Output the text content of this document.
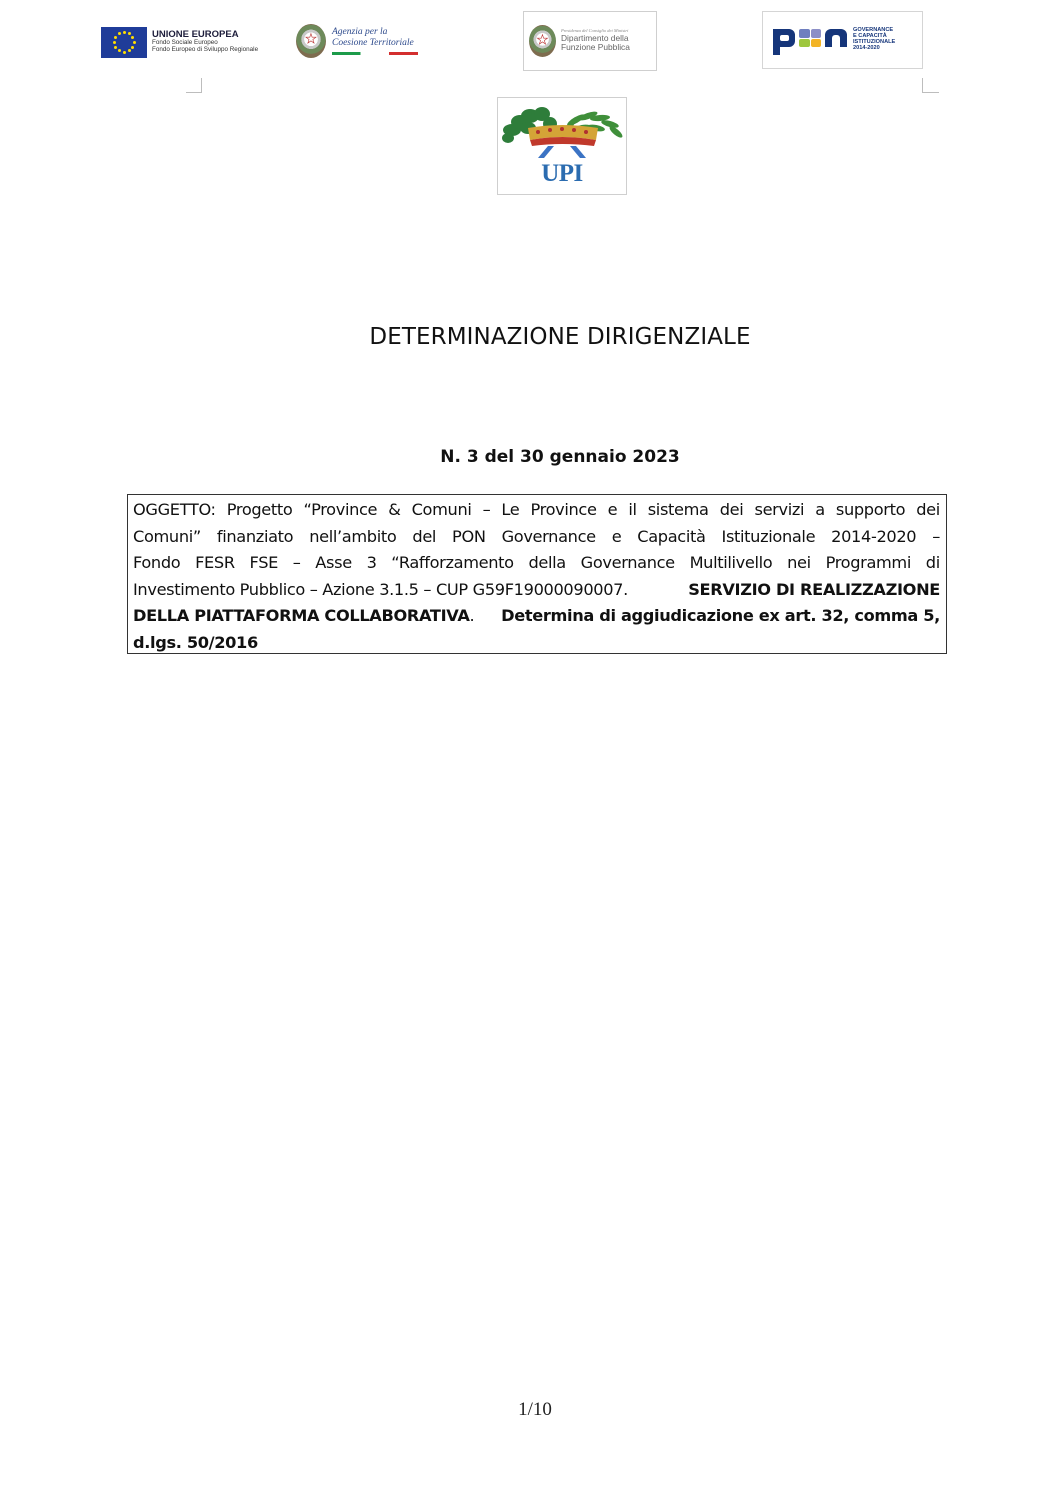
UNIONE EUROPEA
Fondo Sociale Europeo
Fondo Europeo di Sviluppo Regionale
★
Agenzia per la
Coesione Territoriale
★
Presidenza del Consiglio dei Ministri
Dipartimento della
Funzione Pubblica
GOVERNANCE
E CAPACITÀ
ISTITUZIONALE
2014-2020
UPI
DETERMINAZIONE DIRIGENZIALE
N. 3 del 30 gennaio 2023
OGGETTO: Progetto “Province & Comuni – Le Province e il sistema dei servizi a supporto dei
Comuni” finanziato nell’ambito del PON Governance e Capacità Istituzionale 2014-2020 –
Fondo FESR FSE – Asse 3 “Rafforzamento della Governance Multilivello nei Programmi di
Investimento Pubblico – Azione 3.1.5 – CUP G59F19000090007.	SERVIZIO DI REALIZZAZIONE
DELLA PIATTAFORMA COLLABORATIVA. Determina di aggiudicazione ex art. 32, comma 5,
d.lgs. 50/2016
1/10
